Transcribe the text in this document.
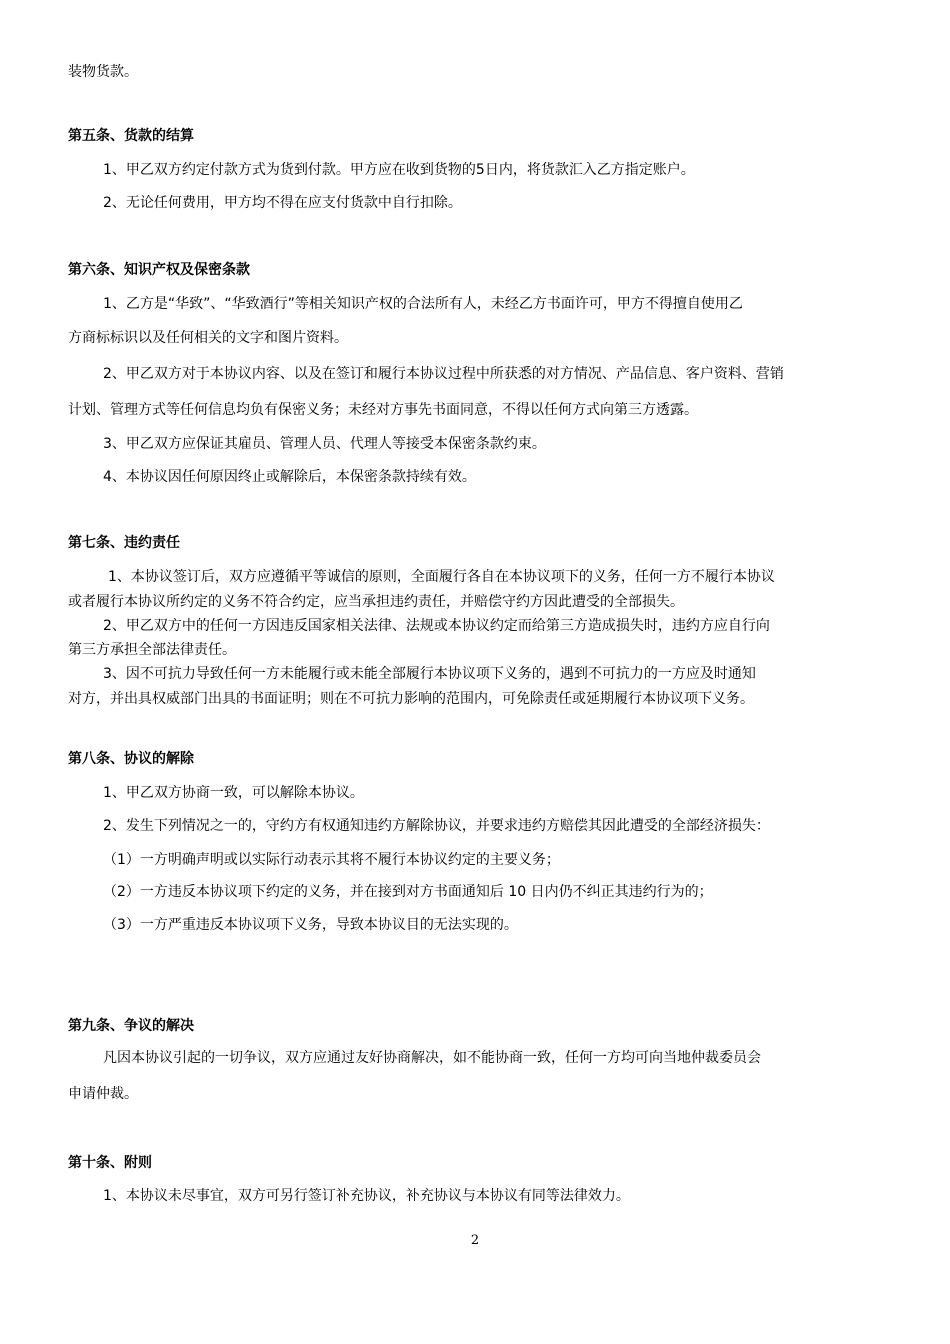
装物货款。
第五条、货款的结算
1、甲乙双方约定付款方式为货到付款。甲方应在收到货物的5日内，将货款汇入乙方指定账户。
2、无论任何费用，甲方均不得在应支付货款中自行扣除。
第六条、知识产权及保密条款
1、乙方是“华致”、“华致酒行”等相关知识产权的合法所有人，未经乙方书面许可，甲方不得擅自使用乙
方商标标识以及任何相关的文字和图片资料。
2、甲乙双方对于本协议内容、以及在签订和履行本协议过程中所获悉的对方情况、产品信息、客户资料、营销
计划、管理方式等任何信息均负有保密义务；未经对方事先书面同意，不得以任何方式向第三方透露。
3、甲乙双方应保证其雇员、管理人员、代理人等接受本保密条款约束。
4、本协议因任何原因终止或解除后，本保密条款持续有效。
第七条、违约责任
1、本协议签订后，双方应遵循平等诚信的原则，全面履行各自在本协议项下的义务，任何一方不履行本协议
或者履行本协议所约定的义务不符合约定，应当承担违约责任，并赔偿守约方因此遭受的全部损失。
2、甲乙双方中的任何一方因违反国家相关法律、法规或本协议约定而给第三方造成损失时，违约方应自行向
第三方承担全部法律责任。
3、因不可抗力导致任何一方未能履行或未能全部履行本协议项下义务的，遇到不可抗力的一方应及时通知
对方，并出具权威部门出具的书面证明；则在不可抗力影响的范围内，可免除责任或延期履行本协议项下义务。
第八条、协议的解除
1、甲乙双方协商一致，可以解除本协议。
2、发生下列情况之一的，守约方有权通知违约方解除协议，并要求违约方赔偿其因此遭受的全部经济损失：
（1）一方明确声明或以实际行动表示其将不履行本协议约定的主要义务；
（2）一方违反本协议项下约定的义务，并在接到对方书面通知后 10 日内仍不纠正其违约行为的；
（3）一方严重违反本协议项下义务，导致本协议目的无法实现的。
第九条、争议的解决
凡因本协议引起的一切争议，双方应通过友好协商解决，如不能协商一致，任何一方均可向当地仲裁委员会
申请仲裁。
第十条、附则
1、本协议未尽事宜，双方可另行签订补充协议，补充协议与本协议有同等法律效力。
2
